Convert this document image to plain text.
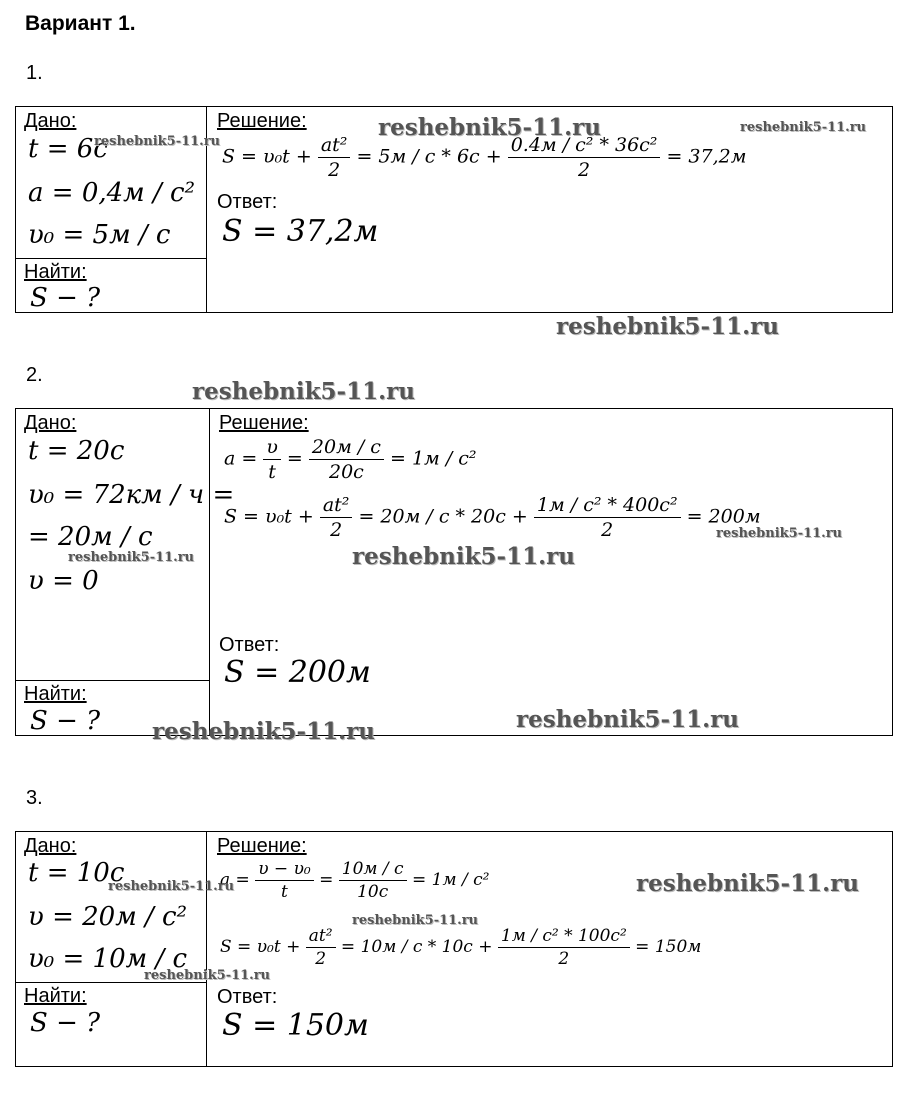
Вариант 1.
1.
Дано:
t = 6c
a = 0,4м / c²
υ₀ = 5м / c
Найти:
S − ?
Решение:
$S = \upsilon_0t + \frac{\text{at²}}{2} = 5м / c * 6c + \frac{\text{0.4м / c² * 36c²}}{2} = 37,2м$
Ответ:
S = 37,2м
2.
Дано:
t = 20c
υ₀ = 72км / ч =
= 20м / c
υ = 0
Найти:
S − ?
Решение:
$a = \frac{\upsilon}{t} = \frac{20м / c}{20c} = 1м / c^2$
$S = \upsilon_0t + \frac{\text{at²}}{2} = 20м / c * 20c + \frac{\text{1м / c² * 400c²}}{2} = 200м$
Ответ:
S = 200м
3.
Дано:
t = 10c
υ = 20м / c²
υ₀ = 10м / c
Найти:
S − ?
Решение:
$a = \frac{\text{υ − υ₀}}{t} = \frac{10м / c}{10c} = 1м / c^2$
$S = \upsilon_0t + \frac{\text{at²}}{2} = 10м / c * 10c + \frac{\text{1м / c² * 100c²}}{2} = 150м$
Ответ:
S = 150м
reshebnik5-11.ru
reshebnik5-11.ru
reshebnik5-11.ru
reshebnik5-11.ru
reshebnik5-11.ru
reshebnik5-11.ru	reshebnik5-11.ru
reshebnik5-11.ru
reshebnik5-11.ru	reshebnik5-11.ru
reshebnik5-11.ru	reshebnik5-11.ru
reshebnik5-11.ru
reshebnik5-11.ru
